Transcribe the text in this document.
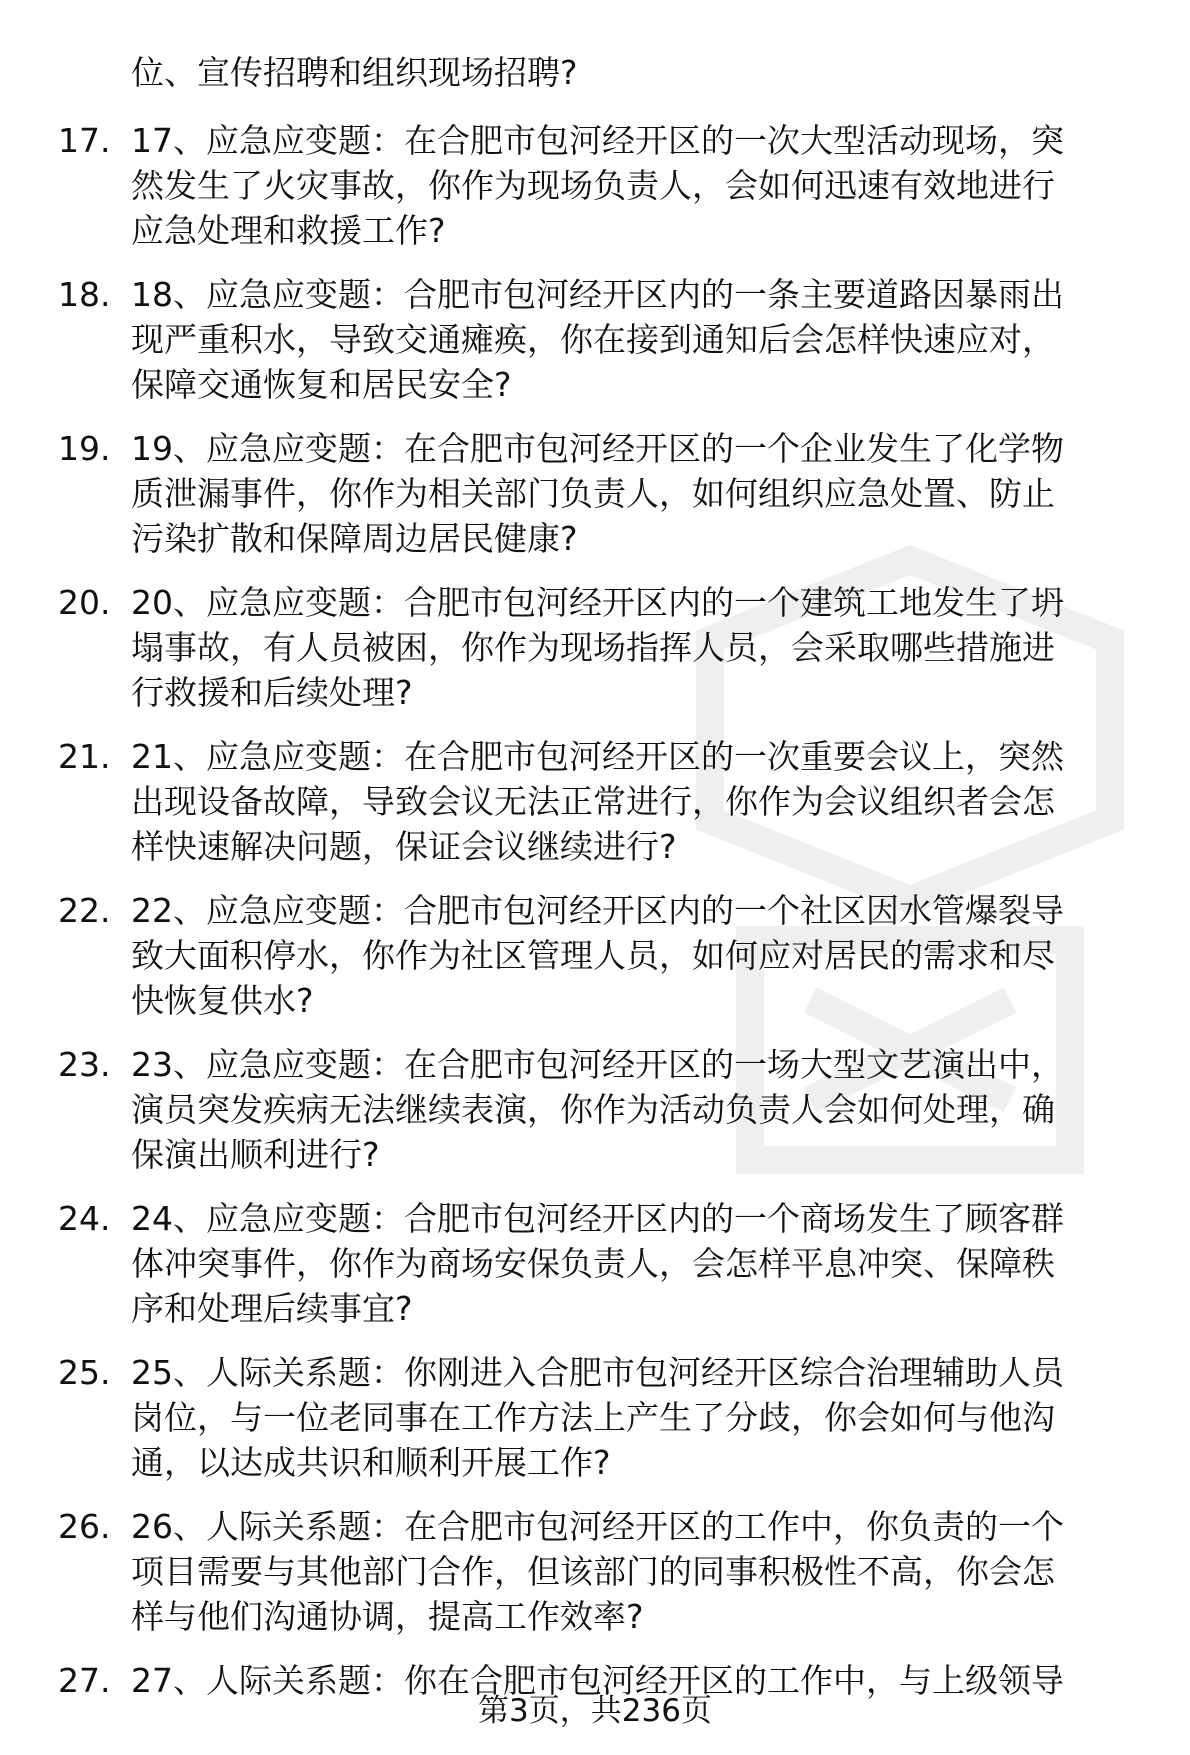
位、宣传招聘和组织现场招聘?
17. 17、应急应变题：在合肥市包河经开区的一次大型活动现场，突
然发生了火灾事故，你作为现场负责人，会如何迅速有效地进行
应急处理和救援工作?
18. 18、应急应变题：合肥市包河经开区内的一条主要道路因暴雨出
现严重积水，导致交通瘫痪，你在接到通知后会怎样快速应对，
保障交通恢复和居民安全?
19. 19、应急应变题：在合肥市包河经开区的一个企业发生了化学物
质泄漏事件，你作为相关部门负责人，如何组织应急处置、防止
污染扩散和保障周边居民健康?
20. 20、应急应变题：合肥市包河经开区内的一个建筑工地发生了坍
塌事故，有人员被困，你作为现场指挥人员，会采取哪些措施进
行救援和后续处理?
21. 21、应急应变题：在合肥市包河经开区的一次重要会议上，突然
出现设备故障，导致会议无法正常进行，你作为会议组织者会怎
样快速解决问题，保证会议继续进行?
22. 22、应急应变题：合肥市包河经开区内的一个社区因水管爆裂导
致大面积停水，你作为社区管理人员，如何应对居民的需求和尽
快恢复供水?
23. 23、应急应变题：在合肥市包河经开区的一场大型文艺演出中，
演员突发疾病无法继续表演，你作为活动负责人会如何处理，确
保演出顺利进行?
24. 24、应急应变题：合肥市包河经开区内的一个商场发生了顾客群
体冲突事件，你作为商场安保负责人，会怎样平息冲突、保障秩
序和处理后续事宜?
25. 25、人际关系题：你刚进入合肥市包河经开区综合治理辅助人员
岗位，与一位老同事在工作方法上产生了分歧，你会如何与他沟
通，以达成共识和顺利开展工作?
26. 26、人际关系题：在合肥市包河经开区的工作中，你负责的一个
项目需要与其他部门合作，但该部门的同事积极性不高，你会怎
样与他们沟通协调，提高工作效率?
27. 27、人际关系题：你在合肥市包河经开区的工作中，与上级领导
第3页，共236页
